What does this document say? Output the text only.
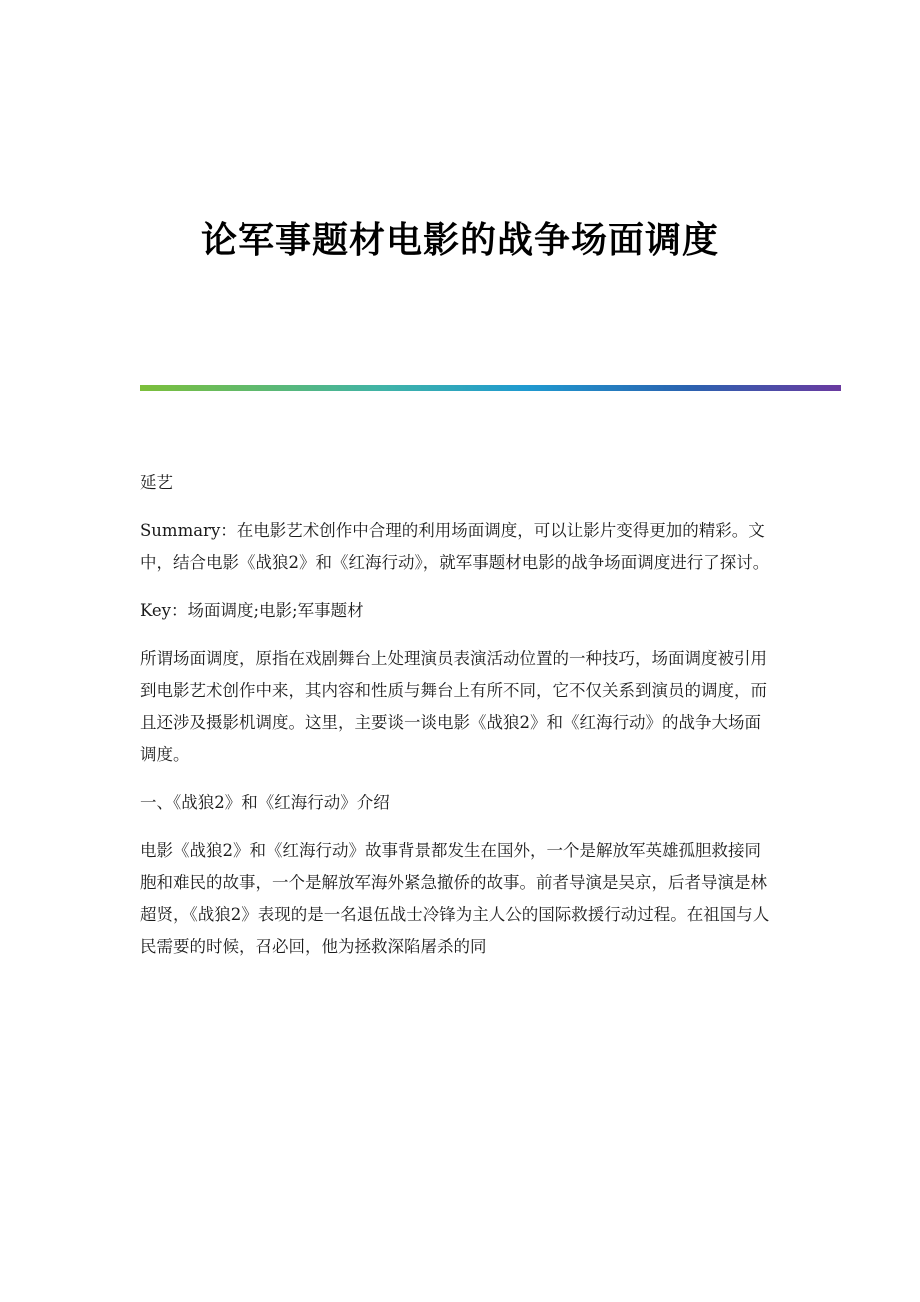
论军事题材电影的战争场面调度

延艺

Summary：在电影艺术创作中合理的利用场面调度，可以让影片变得更加的精彩。文中，结合电影《战狼2》和《红海行动》，就军事题材电影的战争场面调度进行了探讨。

Key：场面调度;电影;军事题材

所谓场面调度，原指在戏剧舞台上处理演员表演活动位置的一种技巧，场面调度被引用到电影艺术创作中来，其内容和性质与舞台上有所不同，它不仅关系到演员的调度，而且还涉及摄影机调度。这里，主要谈一谈电影《战狼2》和《红海行动》的战争大场面调度。

一、《战狼2》和《红海行动》介绍

电影《战狼2》和《红海行动》故事背景都发生在国外，一个是解放军英雄孤胆救接同胞和难民的故事，一个是解放军海外紧急撤侨的故事。前者导演是吴京，后者导演是林超贤，《战狼2》表现的是一名退伍战士冷锋为主人公的国际救援行动过程。在祖国与人民需要的时候，召必回，他为拯救深陷屠杀的同
